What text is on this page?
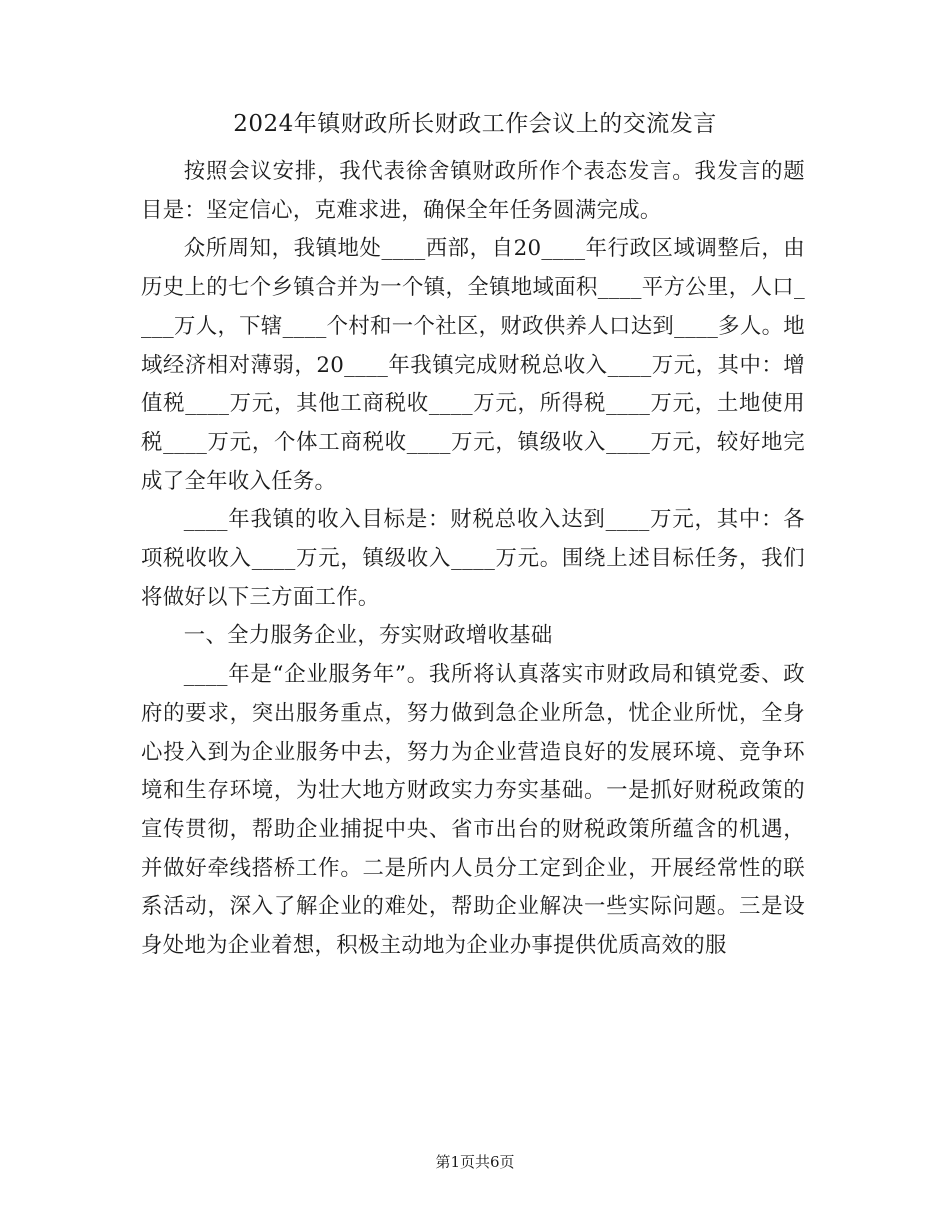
2024年镇财政所长财政工作会议上的交流发言

按照会议安排，我代表徐舍镇财政所作个表态发言。我发言的题目是：坚定信心，克难求进，确保全年任务圆满完成。

众所周知，我镇地处____西部，自20____年行政区域调整后，由历史上的七个乡镇合并为一个镇，全镇地域面积____平方公里，人口____万人，下辖____个村和一个社区，财政供养人口达到____多人。地域经济相对薄弱，20____年我镇完成财税总收入____万元，其中：增值税____万元，其他工商税收____万元，所得税____万元，土地使用税____万元，个体工商税收____万元，镇级收入____万元，较好地完成了全年收入任务。

____年我镇的收入目标是：财税总收入达到____万元，其中：各项税收收入____万元，镇级收入____万元。围绕上述目标任务，我们将做好以下三方面工作。

一、全力服务企业，夯实财政增收基础

____年是“企业服务年”。我所将认真落实市财政局和镇党委、政府的要求，突出服务重点，努力做到急企业所急，忧企业所忧，全身心投入到为企业服务中去，努力为企业营造良好的发展环境、竞争环境和生存环境，为壮大地方财政实力夯实基础。一是抓好财税政策的宣传贯彻，帮助企业捕捉中央、省市出台的财税政策所蕴含的机遇，并做好牵线搭桥工作。二是所内人员分工定到企业，开展经常性的联系活动，深入了解企业的难处，帮助企业解决一些实际问题。三是设身处地为企业着想，积极主动地为企业办事提供优质高效的服

第1页共6页
